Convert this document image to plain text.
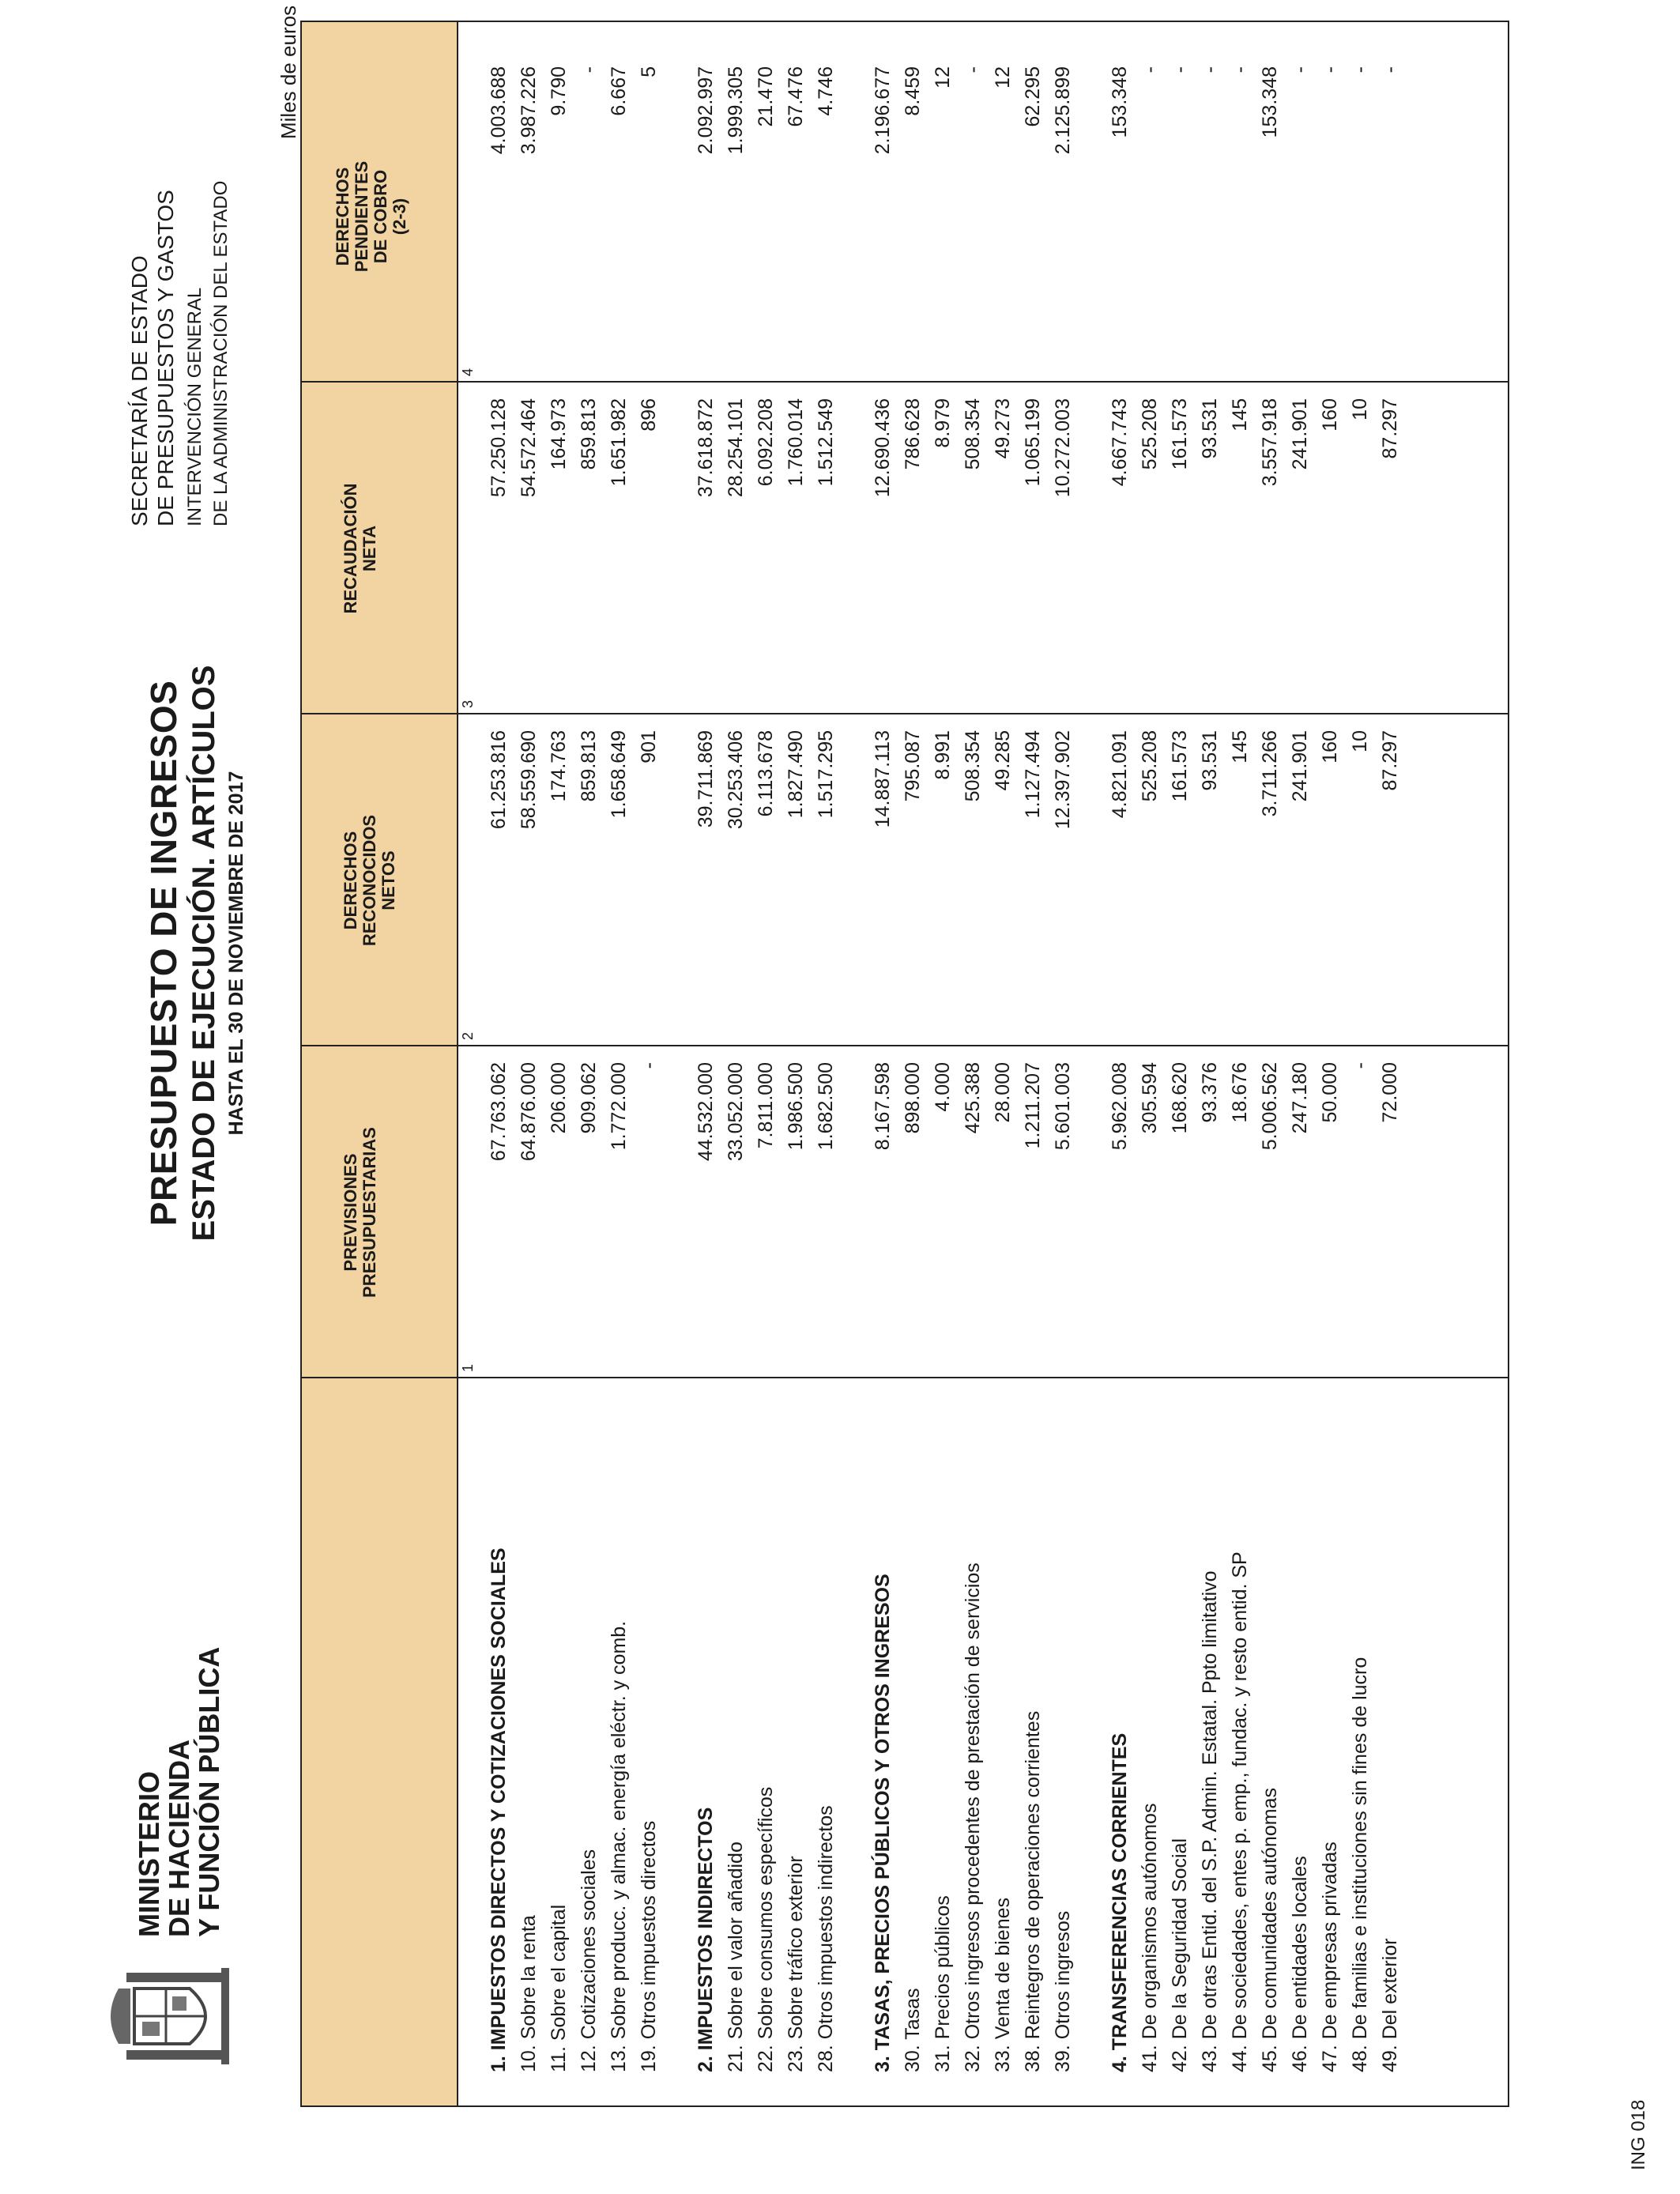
MINISTERIO
DE HACIENDA
Y FUNCIÓN PÚBLICA
PRESUPUESTO DE INGRESOS ESTADO DE EJECUCIÓN. ARTÍCULOS HASTA EL 30 DE NOVIEMBRE DE 2017
SECRETARÍA DE ESTADO DE PRESUPUESTOS Y GASTOS INTERVENCIÓN GENERAL DE LA ADMINISTRACIÓN DEL ESTADO
Miles de euros
PREVISIONES PRESUPUESTARIAS
DERECHOS RECONOCIDOS NETOS
RECAUDACIÓN NETA
DERECHOS PENDIENTES DE COBRO (2-3)
1
2
3
4
1. IMPUESTOS DIRECTOS Y COTIZACIONES SOCIALES
67.763.062
61.253.816
57.250.128
4.003.688
10. Sobre la renta
64.876.000
58.559.690
54.572.464
3.987.226
11. Sobre el capital
206.000
174.763
164.973
9.790
12. Cotizaciones sociales
909.062
859.813
859.813
-
13. Sobre producc. y almac. energía eléctr. y comb.
1.772.000
1.658.649
1.651.982
6.667
19. Otros impuestos directos
-
901
896
5
2. IMPUESTOS INDIRECTOS
44.532.000
39.711.869
37.618.872
2.092.997
21. Sobre el valor añadido
33.052.000
30.253.406
28.254.101
1.999.305
22. Sobre consumos específicos
7.811.000
6.113.678
6.092.208
21.470
23. Sobre tráfico exterior
1.986.500
1.827.490
1.760.014
67.476
28. Otros impuestos indirectos
1.682.500
1.517.295
1.512.549
4.746
3. TASAS, PRECIOS PÚBLICOS Y OTROS INGRESOS
8.167.598
14.887.113
12.690.436
2.196.677
30. Tasas
898.000
795.087
786.628
8.459
31. Precios públicos
4.000
8.991
8.979
12
32. Otros ingresos procedentes de prestación de servicios
425.388
508.354
508.354
-
33. Venta de bienes
28.000
49.285
49.273
12
38. Reintegros de operaciones corrientes
1.211.207
1.127.494
1.065.199
62.295
39. Otros ingresos
5.601.003
12.397.902
10.272.003
2.125.899
4. TRANSFERENCIAS CORRIENTES
5.962.008
4.821.091
4.667.743
153.348
41. De organismos autónomos
305.594
525.208
525.208
-
42. De la Seguridad Social
168.620
161.573
161.573
-
43. De otras Entid. del S.P. Admin. Estatal. Ppto limitativo
93.376
93.531
93.531
-
44. De sociedades, entes p. emp., fundac. y resto entid. SP
18.676
145
145
-
45. De comunidades autónomas
5.006.562
3.711.266
3.557.918
153.348
46. De entidades locales
247.180
241.901
241.901
-
47. De empresas privadas
50.000
160
160
-
48. De familias e instituciones sin fines de lucro
-
10
10
-
49. Del exterior
72.000
87.297
87.297
-
ING 018
